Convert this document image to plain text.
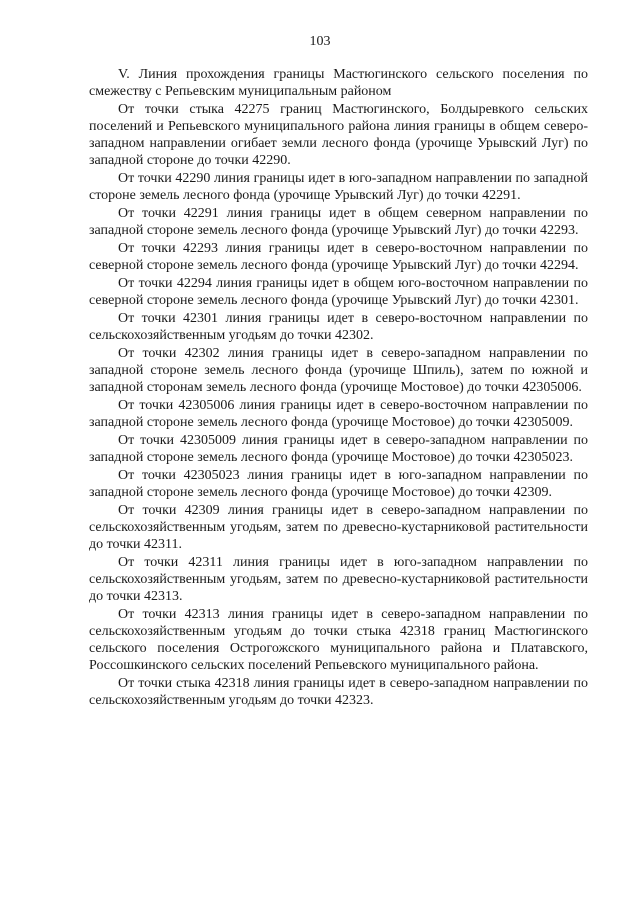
103

V. Линия прохождения границы Мастюгинского сельского поселения по смежеству с Репьевским муниципальным районом

От точки стыка 42275 границ Мастюгинского, Болдыревкого сельских поселений и Репьевского муниципального района линия границы в общем северо-западном направлении огибает земли лесного фонда (урочище Урывский Луг) по западной стороне до точки 42290.

От точки 42290 линия границы идет в юго-западном направлении по западной стороне земель лесного фонда (урочище Урывский Луг) до точки 42291.

От точки 42291 линия границы идет в общем северном направлении по западной стороне земель лесного фонда (урочище Урывский Луг) до точки 42293.

От точки 42293 линия границы идет в северо-восточном направлении по северной стороне земель лесного фонда (урочище Урывский Луг) до точки 42294.

От точки 42294 линия границы идет в общем юго-восточном направлении по северной стороне земель лесного фонда (урочище Урывский Луг) до точки 42301.

От точки 42301 линия границы идет в северо-восточном направлении по сельскохозяйственным угодьям до точки 42302.

От точки 42302 линия границы идет в северо-западном направлении по западной стороне земель лесного фонда (урочище Шпиль), затем по южной и западной сторонам земель лесного фонда (урочище Мостовое) до точки 42305006.

От точки 42305006 линия границы идет в северо-восточном направлении по западной стороне земель лесного фонда (урочище Мостовое) до точки 42305009.

От точки 42305009 линия границы идет в северо-западном направлении по западной стороне земель лесного фонда (урочище Мостовое) до точки 42305023.

От точки 42305023 линия границы идет в юго-западном направлении по западной стороне земель лесного фонда (урочище Мостовое) до точки 42309.

От точки 42309 линия границы идет в северо-западном направлении по сельскохозяйственным угодьям, затем по древесно-кустарниковой растительности до точки 42311.

От точки 42311 линия границы идет в юго-западном направлении по сельскохозяйственным угодьям, затем по древесно-кустарниковой растительности до точки 42313.

От точки 42313 линия границы идет в северо-западном направлении по сельскохозяйственным угодьям до точки стыка 42318 границ Мастюгинского сельского поселения Острогожского муниципального района и Платавского, Россошкинского сельских поселений Репьевского муниципального района.

От точки стыка 42318 линия границы идет в северо-западном направлении по сельскохозяйственным угодьям до точки 42323.
